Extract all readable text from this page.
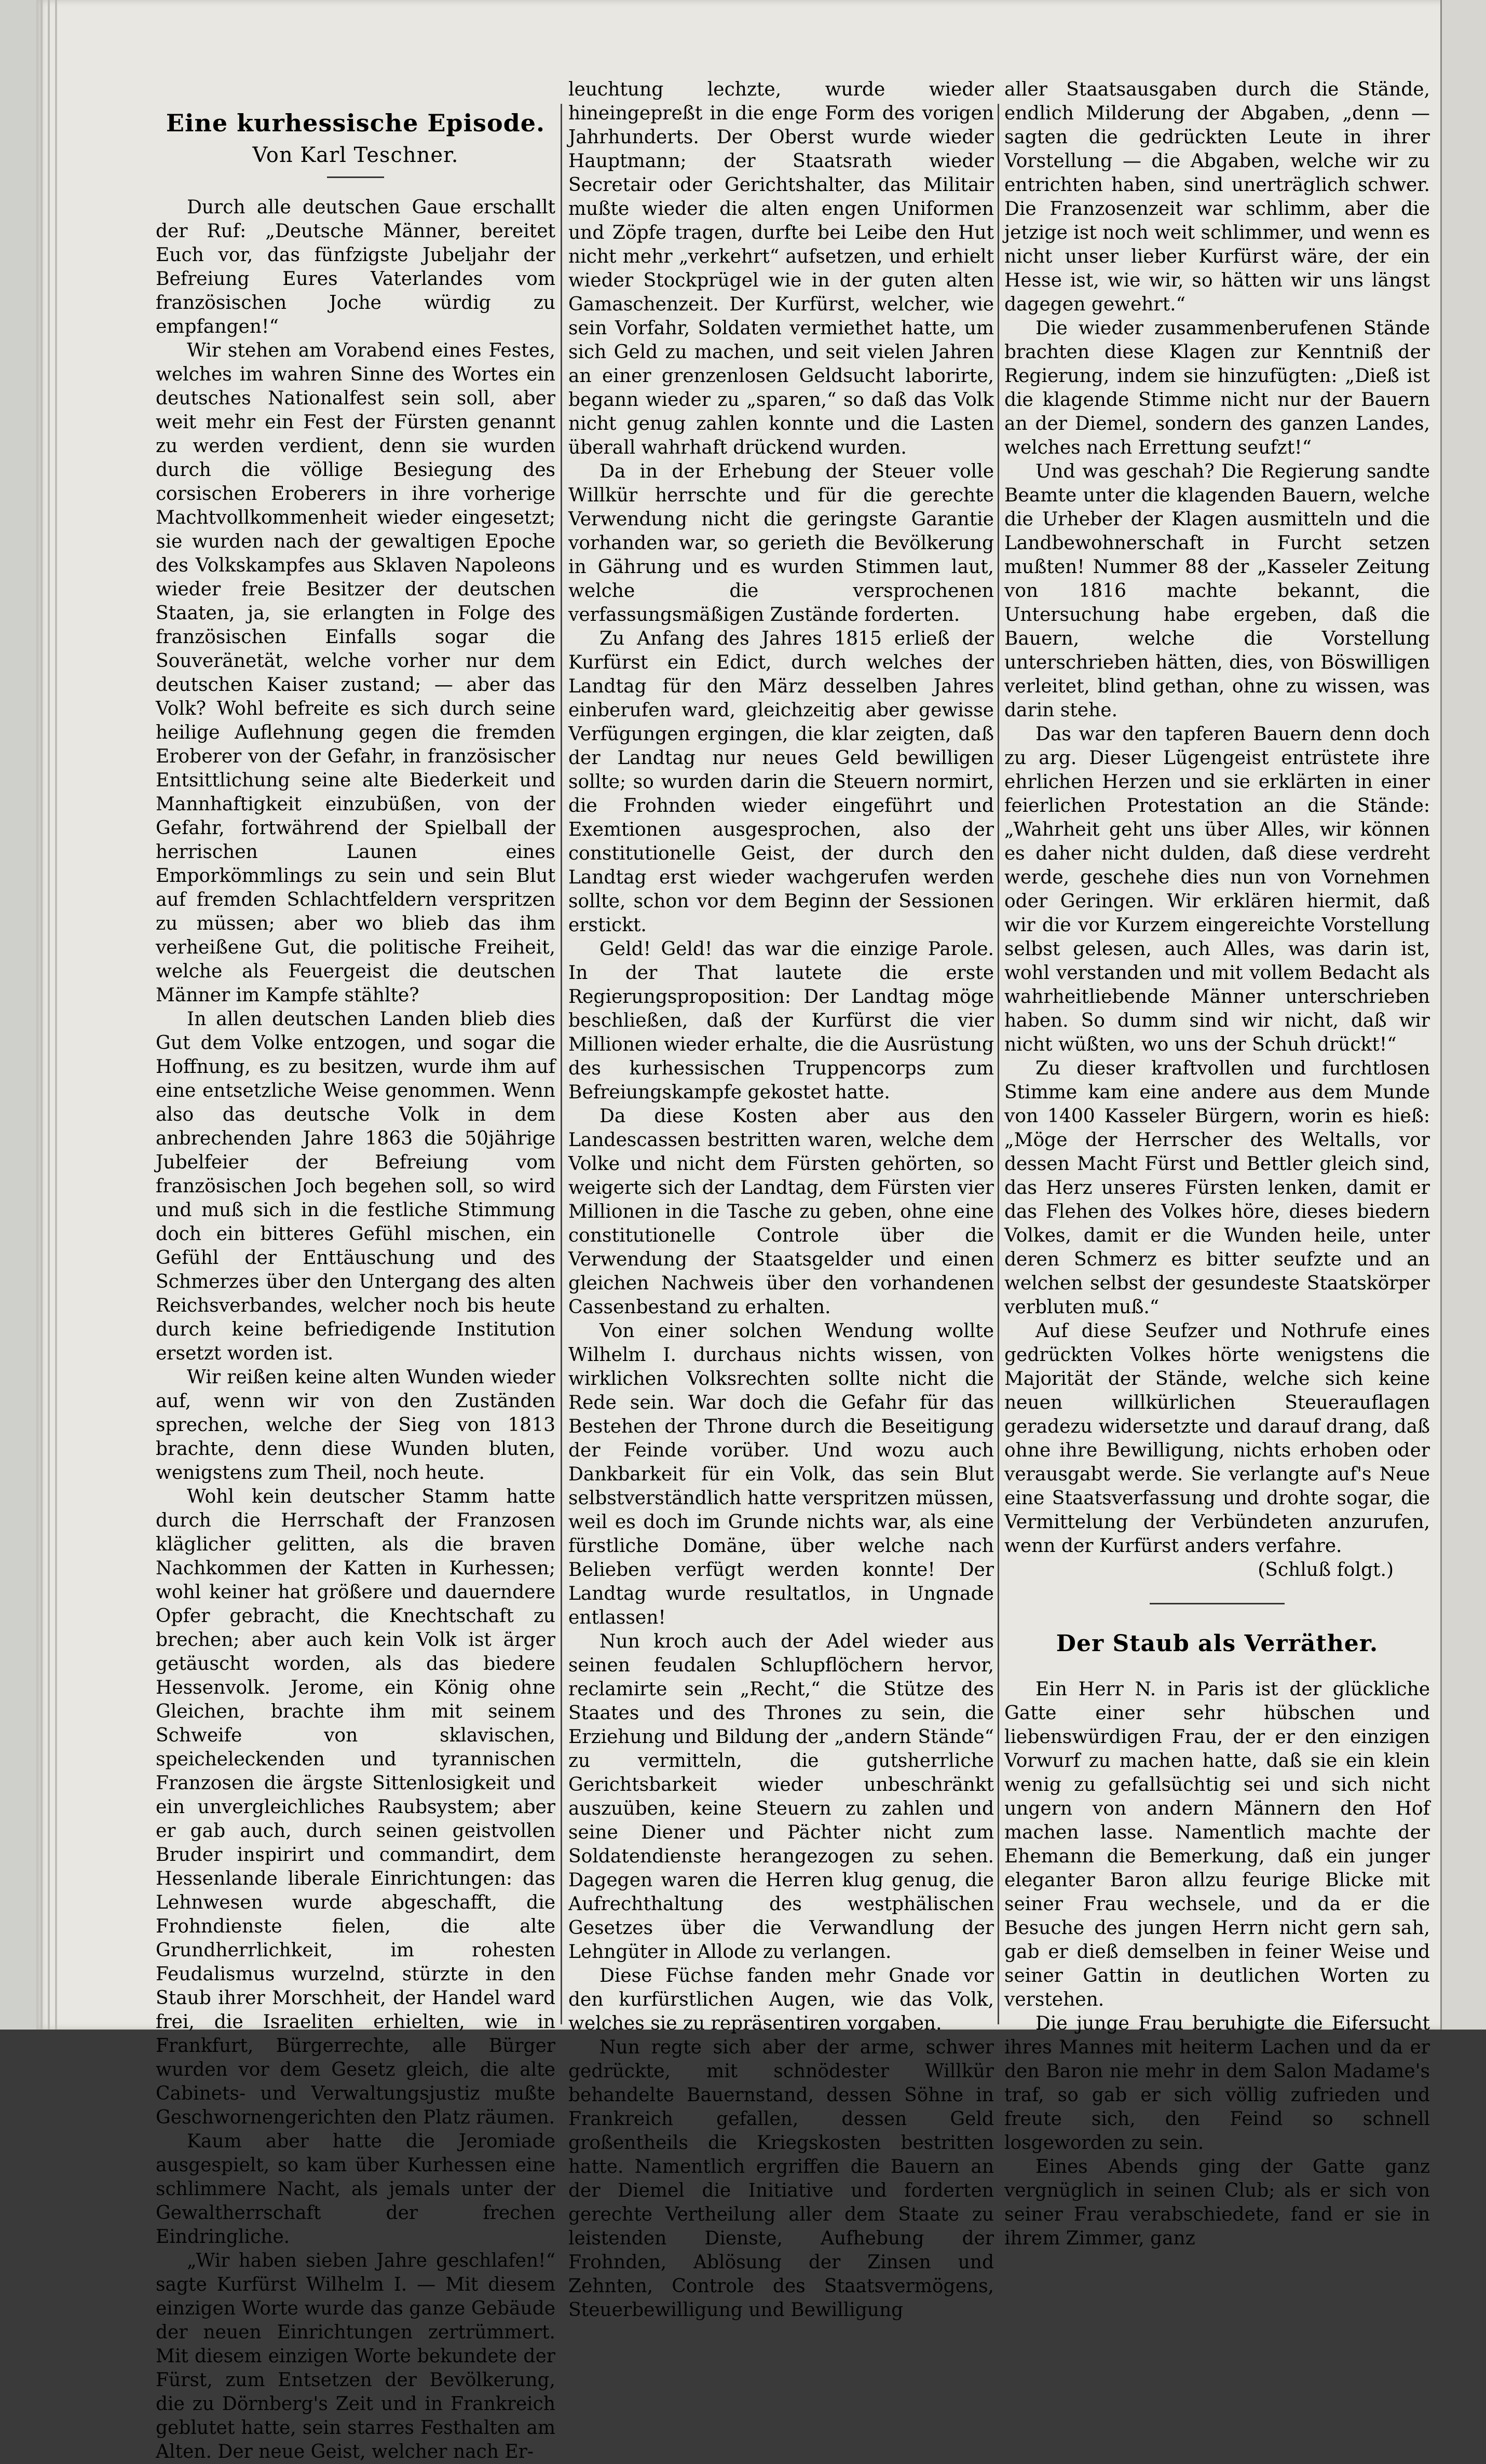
Eine kurhessische Episode.
Von Karl Teschner.

Durch alle deutschen Gaue erschallt der Ruf: „Deutsche Männer, bereitet Euch vor, das fünfzigste Jubeljahr der Befreiung Eures Vaterlandes vom französischen Joche würdig zu empfangen!“

Wir stehen am Vorabend eines Festes, welches im wahren Sinne des Wortes ein deutsches Nationalfest sein soll, aber weit mehr ein Fest der Fürsten genannt zu werden verdient, denn sie wurden durch die völlige Besiegung des corsischen Eroberers in ihre vorherige Machtvollkommenheit wieder eingesetzt; sie wurden nach der gewaltigen Epoche des Volkskampfes aus Sklaven Napoleons wieder freie Besitzer der deutschen Staaten, ja, sie erlangten in Folge des französischen Einfalls sogar die Souveränetät, welche vorher nur dem deutschen Kaiser zustand; — aber das Volk? Wohl befreite es sich durch seine heilige Auflehnung gegen die fremden Eroberer von der Gefahr, in französischer Entsittlichung seine alte Biederkeit und Mannhaftigkeit einzubüßen, von der Gefahr, fortwährend der Spielball der herrischen Launen eines Emporkömmlings zu sein und sein Blut auf fremden Schlachtfeldern verspritzen zu müssen; aber wo blieb das ihm verheißene Gut, die politische Freiheit, welche als Feuergeist die deutschen Männer im Kampfe stählte?

In allen deutschen Landen blieb dies Gut dem Volke entzogen, und sogar die Hoffnung, es zu besitzen, wurde ihm auf eine entsetzliche Weise genommen. Wenn also das deutsche Volk in dem anbrechenden Jahre 1863 die 50jährige Jubelfeier der Befreiung vom französischen Joch begehen soll, so wird und muß sich in die festliche Stimmung doch ein bitteres Gefühl mischen, ein Gefühl der Enttäuschung und des Schmerzes über den Untergang des alten Reichsverbandes, welcher noch bis heute durch keine befriedigende Institution ersetzt worden ist.

Wir reißen keine alten Wunden wieder auf, wenn wir von den Zuständen sprechen, welche der Sieg von 1813 brachte, denn diese Wunden bluten, wenigstens zum Theil, noch heute.

Wohl kein deutscher Stamm hatte durch die Herrschaft der Franzosen kläglicher gelitten, als die braven Nachkommen der Katten in Kurhessen; wohl keiner hat größere und dauerndere Opfer gebracht, die Knechtschaft zu brechen; aber auch kein Volk ist ärger getäuscht worden, als das biedere Hessenvolk. Jerome, ein König ohne Gleichen, brachte ihm mit seinem Schweife von sklavischen, speicheleckenden und tyrannischen Franzosen die ärgste Sittenlosigkeit und ein unvergleichliches Raubsystem; aber er gab auch, durch seinen geistvollen Bruder inspirirt und commandirt, dem Hessenlande liberale Einrichtungen: das Lehnwesen wurde abgeschafft, die Frohndienste fielen, die alte Grundherrlichkeit, im rohesten Feudalismus wurzelnd, stürzte in den Staub ihrer Morschheit, der Handel ward frei, die Israeliten erhielten, wie in Frankfurt, Bürgerrechte, alle Bürger wurden vor dem Gesetz gleich, die alte Cabinets- und Verwaltungsjustiz mußte Geschwornengerichten den Platz räumen.

Kaum aber hatte die Jeromiade ausgespielt, so kam über Kurhessen eine schlimmere Nacht, als jemals unter der Gewaltherrschaft der frechen Eindringliche.

„Wir haben sieben Jahre geschlafen!“ sagte Kurfürst Wilhelm I. — Mit diesem einzigen Worte wurde das ganze Gebäude der neuen Einrichtungen zertrümmert. Mit diesem einzigen Worte bekundete der Fürst, zum Entsetzen der Bevölkerung, die zu Dörnberg's Zeit und in Frankreich geblutet hatte, sein starres Festhalten am Alten. Der neue Geist, welcher nach Er-

leuchtung lechzte, wurde wieder hineingepreßt in die enge Form des vorigen Jahrhunderts. Der Oberst wurde wieder Hauptmann; der Staatsrath wieder Secretair oder Gerichtshalter, das Militair mußte wieder die alten engen Uniformen und Zöpfe tragen, durfte bei Leibe den Hut nicht mehr „verkehrt“ aufsetzen, und erhielt wieder Stockprügel wie in der guten alten Gamaschenzeit. Der Kurfürst, welcher, wie sein Vorfahr, Soldaten vermiethet hatte, um sich Geld zu machen, und seit vielen Jahren an einer grenzenlosen Geldsucht laborirte, begann wieder zu „sparen,“ so daß das Volk nicht genug zahlen konnte und die Lasten überall wahrhaft drückend wurden.

Da in der Erhebung der Steuer volle Willkür herrschte und für die gerechte Verwendung nicht die geringste Garantie vorhanden war, so gerieth die Bevölkerung in Gährung und es wurden Stimmen laut, welche die versprochenen verfassungsmäßigen Zustände forderten.

Zu Anfang des Jahres 1815 erließ der Kurfürst ein Edict, durch welches der Landtag für den März desselben Jahres einberufen ward, gleichzeitig aber gewisse Verfügungen ergingen, die klar zeigten, daß der Landtag nur neues Geld bewilligen sollte; so wurden darin die Steuern normirt, die Frohnden wieder eingeführt und Exemtionen ausgesprochen, also der constitutionelle Geist, der durch den Landtag erst wieder wachgerufen werden sollte, schon vor dem Beginn der Sessionen erstickt.

Geld! Geld! das war die einzige Parole. In der That lautete die erste Regierungsproposition: Der Landtag möge beschließen, daß der Kurfürst die vier Millionen wieder erhalte, die die Ausrüstung des kurhessischen Truppencorps zum Befreiungskampfe gekostet hatte.

Da diese Kosten aber aus den Landescassen bestritten waren, welche dem Volke und nicht dem Fürsten gehörten, so weigerte sich der Landtag, dem Fürsten vier Millionen in die Tasche zu geben, ohne eine constitutionelle Controle über die Verwendung der Staatsgelder und einen gleichen Nachweis über den vorhandenen Cassenbestand zu erhalten.

Von einer solchen Wendung wollte Wilhelm I. durchaus nichts wissen, von wirklichen Volksrechten sollte nicht die Rede sein. War doch die Gefahr für das Bestehen der Throne durch die Beseitigung der Feinde vorüber. Und wozu auch Dankbarkeit für ein Volk, das sein Blut selbstverständlich hatte verspritzen müssen, weil es doch im Grunde nichts war, als eine fürstliche Domäne, über welche nach Belieben verfügt werden konnte! Der Landtag wurde resultatlos, in Ungnade entlassen!

Nun kroch auch der Adel wieder aus seinen feudalen Schlupflöchern hervor, reclamirte sein „Recht,“ die Stütze des Staates und des Thrones zu sein, die Erziehung und Bildung der „andern Stände“ zu vermitteln, die gutsherrliche Gerichtsbarkeit wieder unbeschränkt auszuüben, keine Steuern zu zahlen und seine Diener und Pächter nicht zum Soldatendienste herangezogen zu sehen. Dagegen waren die Herren klug genug, die Aufrechthaltung des westphälischen Gesetzes über die Verwandlung der Lehngüter in Allode zu verlangen.

Diese Füchse fanden mehr Gnade vor den kurfürstlichen Augen, wie das Volk, welches sie zu repräsentiren vorgaben.

Nun regte sich aber der arme, schwer gedrückte, mit schnödester Willkür behandelte Bauernstand, dessen Söhne in Frankreich gefallen, dessen Geld großentheils die Kriegskosten bestritten hatte. Namentlich ergriffen die Bauern an der Diemel die Initiative und forderten gerechte Vertheilung aller dem Staate zu leistenden Dienste, Aufhebung der Frohnden, Ablösung der Zinsen und Zehnten, Controle des Staatsvermögens, Steuerbewilligung und Bewilligung

aller Staatsausgaben durch die Stände, endlich Milderung der Abgaben, „denn — sagten die gedrückten Leute in ihrer Vorstellung — die Abgaben, welche wir zu entrichten haben, sind unerträglich schwer. Die Franzosenzeit war schlimm, aber die jetzige ist noch weit schlimmer, und wenn es nicht unser lieber Kurfürst wäre, der ein Hesse ist, wie wir, so hätten wir uns längst dagegen gewehrt.“

Die wieder zusammenberufenen Stände brachten diese Klagen zur Kenntniß der Regierung, indem sie hinzufügten: „Dieß ist die klagende Stimme nicht nur der Bauern an der Diemel, sondern des ganzen Landes, welches nach Errettung seufzt!“

Und was geschah? Die Regierung sandte Beamte unter die klagenden Bauern, welche die Urheber der Klagen ausmitteln und die Landbewohnerschaft in Furcht setzen mußten! Nummer 88 der „Kasseler Zeitung von 1816 machte bekannt, die Untersuchung habe ergeben, daß die Bauern, welche die Vorstellung unterschrieben hätten, dies, von Böswilligen verleitet, blind gethan, ohne zu wissen, was darin stehe.

Das war den tapferen Bauern denn doch zu arg. Dieser Lügengeist entrüstete ihre ehrlichen Herzen und sie erklärten in einer feierlichen Protestation an die Stände: „Wahrheit geht uns über Alles, wir können es daher nicht dulden, daß diese verdreht werde, geschehe dies nun von Vornehmen oder Geringen. Wir erklären hiermit, daß wir die vor Kurzem eingereichte Vorstellung selbst gelesen, auch Alles, was darin ist, wohl verstanden und mit vollem Bedacht als wahrheitliebende Männer unterschrieben haben. So dumm sind wir nicht, daß wir nicht wüßten, wo uns der Schuh drückt!“

Zu dieser kraftvollen und furchtlosen Stimme kam eine andere aus dem Munde von 1400 Kasseler Bürgern, worin es hieß: „Möge der Herrscher des Weltalls, vor dessen Macht Fürst und Bettler gleich sind, das Herz unseres Fürsten lenken, damit er das Flehen des Volkes höre, dieses biedern Volkes, damit er die Wunden heile, unter deren Schmerz es bitter seufzte und an welchen selbst der gesundeste Staatskörper verbluten muß.“

Auf diese Seufzer und Nothrufe eines gedrückten Volkes hörte wenigstens die Majorität der Stände, welche sich keine neuen willkürlichen Steuerauflagen geradezu widersetzte und darauf drang, daß ohne ihre Bewilligung, nichts erhoben oder verausgabt werde. Sie verlangte auf's Neue eine Staatsverfassung und drohte sogar, die Vermittelung der Verbündeten anzurufen, wenn der Kurfürst anders verfahre.

(Schluß folgt.)
Der Staub als Verräther.

Ein Herr N. in Paris ist der glückliche Gatte einer sehr hübschen und liebenswürdigen Frau, der er den einzigen Vorwurf zu machen hatte, daß sie ein klein wenig zu gefallsüchtig sei und sich nicht ungern von andern Männern den Hof machen lasse. Namentlich machte der Ehemann die Bemerkung, daß ein junger eleganter Baron allzu feurige Blicke mit seiner Frau wechsele, und da er die Besuche des jungen Herrn nicht gern sah, gab er dieß demselben in feiner Weise und seiner Gattin in deutlichen Worten zu verstehen.

Die junge Frau beruhigte die Eifersucht ihres Mannes mit heiterm Lachen und da er den Baron nie mehr in dem Salon Madame's traf, so gab er sich völlig zufrieden und freute sich, den Feind so schnell losgeworden zu sein.

Eines Abends ging der Gatte ganz vergnüglich in seinen Club; als er sich von seiner Frau verabschiedete, fand er sie in ihrem Zimmer, ganz
